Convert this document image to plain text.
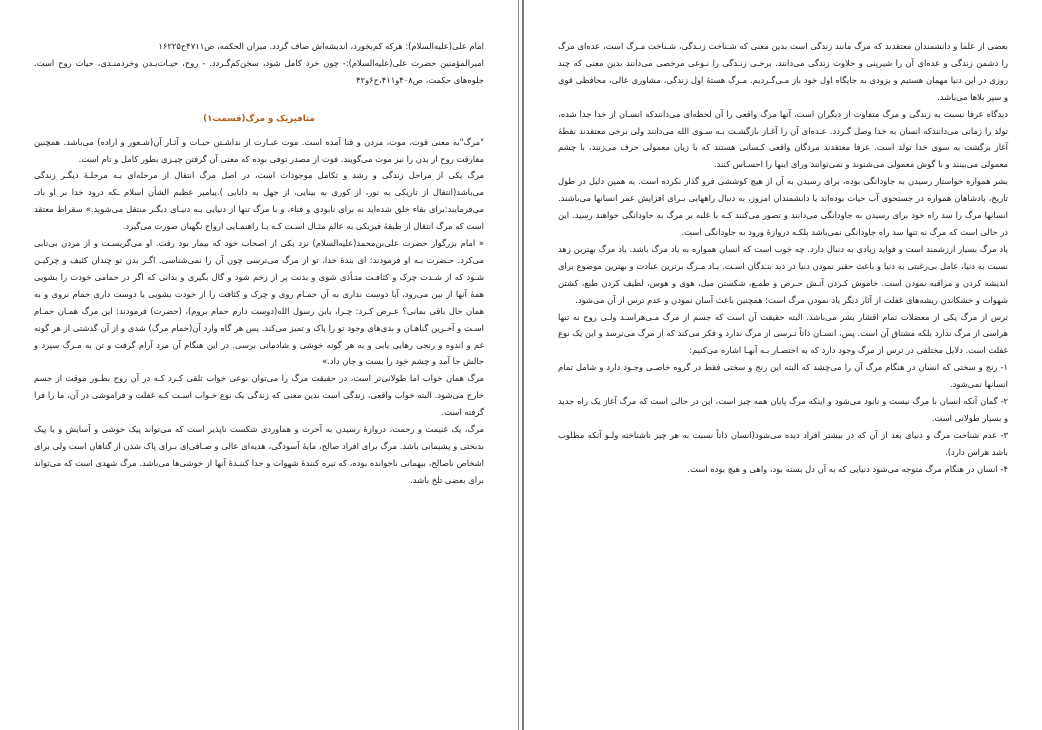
امام علی(علیه‌السلام): هرکه کم‌بخورد، اندیشه‌اش صاف گردد. میزان الحکمه، ص۴۷۱۱ح۱۶۲۲۵

امیرالمؤمنین حضرت علی(علیه‌السلام):- چون خرد کامل شود، سخن‌کم‌گـردد. - روح، حیـات‌بـدن وخردمنـدی، حیات روح است. جلوه‌های حکمت، ص۴۰۸و۴۱۱،ح۶و۴۲

متافیزیک و مرگ(قسمت۱)

"مرگ"به معنی فوت، موت، مردن و فنا آمده است. موت عبـارت از نداشـتن حیـات و آثـار آن(شـعور و اراده) می‌باشد. همچنین مفارقت روح از بدن را نیز موت می‌گویند. فوت از مصدر توفی بوده که معنی آن گرفتن چیـزی بطور کامل و تام است.

مرگ یکی از مراحل زندگی و رشد و تکامل موجودات است، در اصل مرگ انتقال از مرحله‌ای بـه مرحلـهٔ دیگـر زندگی می‌باشد(انتقال از تاریکی به نور، از کوری به بینایی، از جهل به دانایی ).پیامبر عظیم الشأن اسلام ـکه درود خدا بر او بادـ می‌فرمایند:برای بقاء خلق شده‌اید نه برای نابودی و فناء، و با مرگ تنها از دنیایی بـه دنیـای دیگـر منتقل می‌شوید.» سقراط معتقد است که مرگ انتقال از طبقهٔ فیزیکی به عالم مثـال اسـت کـه بـا راهنمـایی ارواح نگهبان صورت می‌گیرد.

« امام بزرگوار حضرت علی‌بن‌محمد(علیه‌السلام) نزد یکی از اصحاب خود که بیمار بود رفت. او می‌گریسـت و از مردن بی‌تابی می‌کرد. حـضرت بـه او فرمودند: ای بندهٔ خدا، تو از مرگ می‌ترسی چون آن را نمی‌شناسی. اگـر بدن تو چندان کثیف و چرکیـن شـود که از شـدت چرک و کثافـت متـأذی شوی و بدنت پر از زخم شود و گال بگیری و بدانی که اگر در حمامی خودت را بشویی همهٔ آنها از بین می‌رود، آیا دوست نداری به آن حمـام روی و چرک و کثافت را از خودت بشویی یا دوست داری حمام نروی و به همان حال باقی بمانی؟ عـرض کـرد: چـرا، یابن رسول الله(دوست دارم حمام بروم)، (حضرت) فرمودند: این مرگ همـان حمـام اسـت و آخـرین گناهـان و بدی‌های وجود تو را پاک و تمیز می‌کند. پس هر گاه وارد آن(حمام مرگ) شدی و از آن گذشتی از هر گونه غم و اندوه و رنجی رهایی یابی و به هر گونه خوشی و شادمانی برسی. در این هنگام آن مرد آرام گرفت و تن به مـرگ سپرد و حالش جا آمد و چشم خود را بست و جان داد.»

مرگ همان خواب اما طولانی‌تر است، در حقیقت مرگ را می‌توان نوعی خواب تلقی کـرد کـه در آن روح بطـور موقت از جسم خارج می‌شود. البته خواب واقعی، زندگی است بدین معنی که زندگی یک نوع خـواب اسـت کـه غفلت و فراموشی در آن، ما را فرا گرفته است.

مرگ، یک غنیمت و رحمت، دروازهٔ رسیدن به آخرت و هماوردی شکست ناپذیر است که می‌تواند پیک خوشی و آسایش و یا پیک بدبختی و پشیمانی باشد. مرگ برای افراد صالح، مایهٔ آسودگی، هدیه‌ای عالی و صـافی‌ای بـرای پاک شدن از گناهان است ولی برای اشخاص ناصالح، بیهمانی ناخوانده بوده، که تیره کنندهٔ شهوات و جدا کننـدهٔ آنها از خوشی‌ها می‌باشد. مرگ شهدی است که می‌تواند برای بعضی تلخ باشد.

بعضی از علما و دانشمندان معتقدند که مرگ مانند زندگی است بدین معنی که شـناخت زنـدگی، شـناخت مـرگ است، عده‌ای مرگ را دشمن زندگی و عده‌ای آن را شیرینی و حلاوت زندگی می‌دانند. برخـی زنـدگی را نـوعی مرخصی می‌دانند بدین معنی که چند روزی در این دنیا مهمان هستیم و بزودی به جایگاه اول خود باز مـی‌گـردیم. مـرگ هستهٔ اول زندگی، مشاوری عالی، محافظی قوی و سپر بلاها می‌باشد.

دیدگاه عرفا نسبت به زندگی و مرگ متفاوت از دیگران است، آنها مرگ واقعی را آن لحظه‌ای می‌دانندکه انسـان از خدا جدا شده، تولد را زمانی می‌دانندکه انسان به خدا وصل گـردد. عـده‌ای آن را آغـاز بازگشـت بـه سـوی الله می‌دانند ولی برخی معتقدند نقطهٔ آغاز برگشت به سوی خدا تولد است. عرفا معتقدند مردگان واقعی کـسانی هستند که با زبان معمولی حرف می‌زنند، با چشم معمولی می‌بینند و با گوش معمولی می‌شنوند و نمی‌توانند ورای اینها را احسـاس کنند.

بشر همواره خواستار رسیدن به جاودانگی بوده، برای رسیدن به آن از هیچ کوششی فرو گذار نکرده است. به همین دلیل در طول تاریخ، پادشاهان همواره در جستجوی آب حیات بوده‌اند یا دانشمندان امروز، به دنبال راههایی بـرای افزایش عمر انسانها می‌باشند. انسانها مرگ را سد راه خود برای رسیدن به جاودانگی می‌دانند و تصور می‌کنند کـه با غلبه بر مرگ به جاودانگی خواهند رسید. این در حالی است که مرگ نه تنها سد راه جاودانگی نمی‌باشد بلکـه دروازهٔ ورود به جاودانگی است.

یاد مرگ بسیار ارزشمند است و فواید زیادی به دنبال دارد. چه خوب است که انسان همواره به یاد مرگ باشد. یاد مرگ بهترین زهد نسبت به دنیا، عامل بی‌رغبتی به دنیا و باعث حقیر نمودن دنیا در دید بنـدگان اسـت. یـاد مـرگ برترین عبادت و بهترین موضوع برای اندیشه کردن و مراقبه نمودن است. خاموش کـردن آتـش حـرص و طمـع، شکستن میل، هوی و هوس، لطیف کردن طبع، کشتن شهوات و خشکاندن ریشه‌های غفلت از آثار دیگر یاد نمودن مرگ است؛ همچنین باعث آسان نمودن و عدم ترس از آن می‌شود.

ترس از مرگ یکی از معضلات تمام اقشار بشر می‌باشد. البته حقیقت آن است که جسم از مرگ مـی‌هراسـد ولـی روح نه تنها هراسی از مرگ ندارد بلکه مشتاق آن است. پس، انسـان ذاتاً تـرسی از مرگ ندارد و فکر می‌کند که از مرگ می‌ترسد و این یک نوع غفلت است. دلایل مختلفی در ترس از مرگ وجود دارد که به اختصـار بـه آنهـا اشاره می‌کنیم:

۱- رنج و سختی که انسان در هنگام مرگ آن را می‌چشد که البته این رنج و سختی فقط در گروه خاصـی وجـود دارد و شامل تمام انسانها نمی‌شود.

۲- گمان آنکه انسان با مرگ نیست و نابود می‌شود و اینکه مرگ پایان همه چیز است، این در حالی است که مرگ آغاز یک راه جدید و بسیار طولانی است.

۳- عدم شناخت مرگ و دنیای بعد از آن که در بیشتر افراد دیده می‌شود(انسان ذاتاً نسبت به هر چیز ناشناخته ولـو آنکه مطلوب باشد هراس دارد).

۴- انسان در هنگام مرگ متوجه می‌شود دنیایی که به آن دل بسته بود، واهی و هیچ بوده است.
